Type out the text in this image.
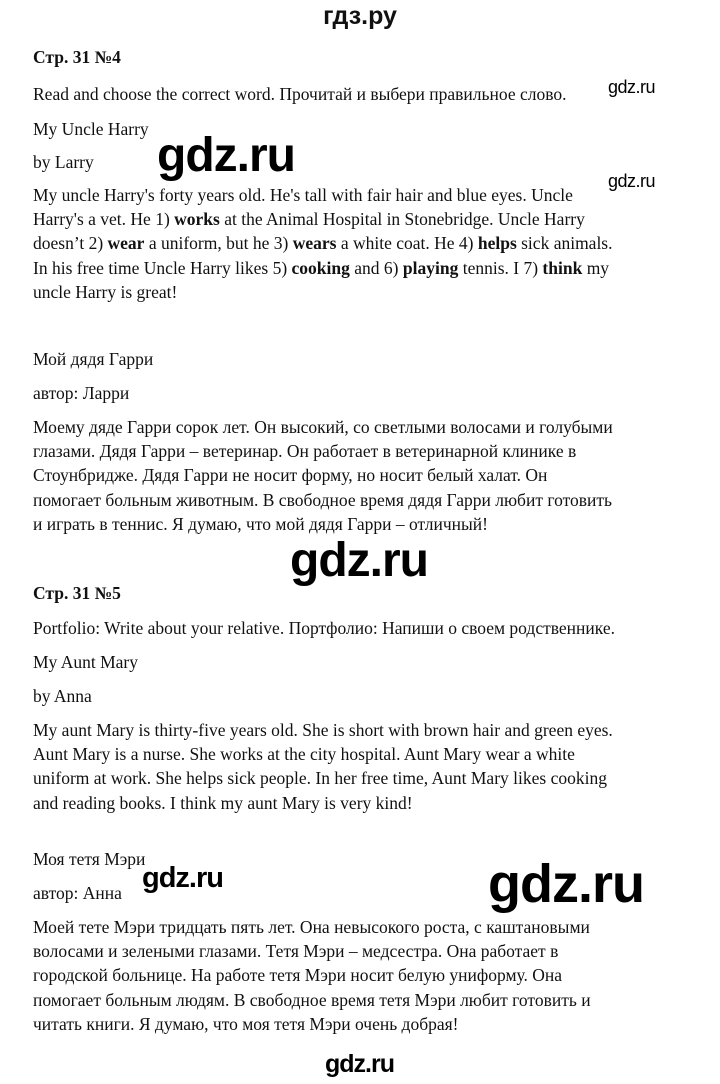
гдз.ру
Стр. 31 №4
Read and choose the correct word. Прочитай и выбери правильное слово.
My Uncle Harry
by Larry
My uncle Harry's forty years old. He's tall with fair hair and blue eyes. Uncle
Harry's a vet. He 1) works at the Animal Hospital in Stonebridge. Uncle Harry
doesn’t 2) wear a uniform, but he 3) wears a white coat. He 4) helps sick animals.
In his free time Uncle Harry likes 5) cooking and 6) playing tennis. I 7) think my
uncle Harry is great!
Мой дядя Гарри
автор: Ларри
Моему дяде Гарри сорок лет. Он высокий, со светлыми волосами и голубыми
глазами. Дядя Гарри – ветеринар. Он работает в ветеринарной клинике в
Стоунбридже. Дядя Гарри не носит форму, но носит белый халат. Он
помогает больным животным. В свободное время дядя Гарри любит готовить
и играть в теннис. Я думаю, что мой дядя Гарри – отличный!
Стр. 31 №5
Portfolio: Write about your relative. Портфолио: Напиши о своем родственнике.
My Aunt Mary
by Anna
My aunt Mary is thirty-five years old. She is short with brown hair and green eyes.
Aunt Mary is a nurse. She works at the city hospital. Aunt Mary wear a white
uniform at work. She helps sick people. In her free time, Aunt Mary likes cooking
and reading books. I think my aunt Mary is very kind!
Моя тетя Мэри
автор: Анна
Моей тете Мэри тридцать пять лет. Она невысокого роста, с каштановыми
волосами и зелеными глазами. Тетя Мэри – медсестра. Она работает в
городской больнице. На работе тетя Мэри носит белую униформу. Она
помогает больным людям. В свободное время тетя Мэри любит готовить и
читать книги. Я думаю, что моя тетя Мэри очень добрая!
gdz.ru
gdz.ru	gdz.ru
gdz.ru
gdz.ru	gdz.ru
gdz.ru
